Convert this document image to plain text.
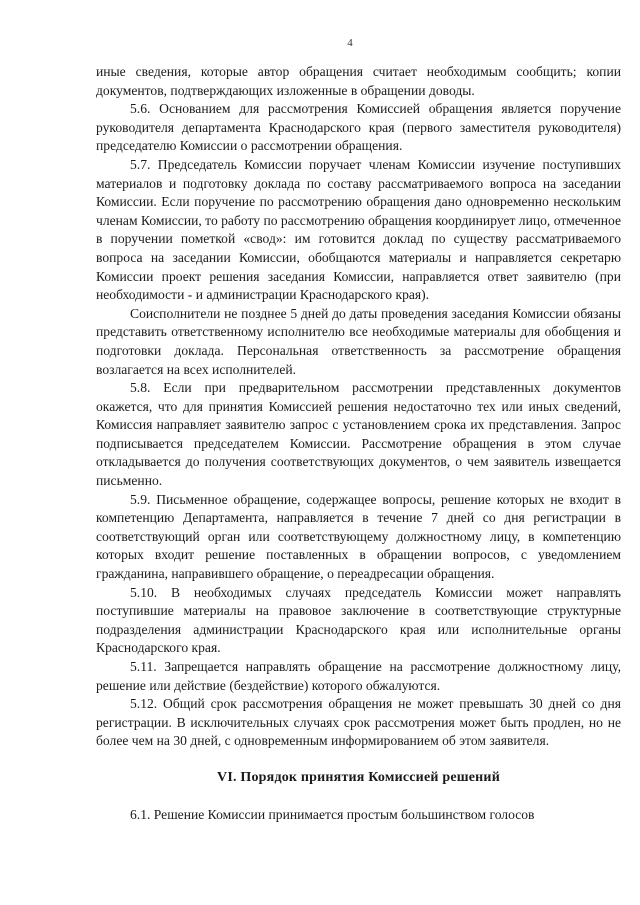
4

иные сведения, которые автор обращения считает необходимым сообщить; копии документов, подтверждающих изложенные в обращении доводы.

5.6. Основанием для рассмотрения Комиссией обращения является поручение руководителя департамента Краснодарского края (первого заместителя руководителя) председателю Комиссии о рассмотрении обращения.

5.7. Председатель Комиссии поручает членам Комиссии изучение поступивших материалов и подготовку доклада по составу рассматриваемого вопроса на заседании Комиссии. Если поручение по рассмотрению обращения дано одновременно нескольким членам Комиссии, то работу по рассмотрению обращения координирует лицо, отмеченное в поручении пометкой «свод»: им готовится доклад по существу рассматриваемого вопроса на заседании Комиссии, обобщаются материалы и направляется секретарю Комиссии проект решения заседания Комиссии, направляется ответ заявителю (при необходимости - и администрации Краснодарского края).

Соисполнители не позднее 5 дней до даты проведения заседания Комиссии обязаны представить ответственному исполнителю все необходимые материалы для обобщения и подготовки доклада. Персональная ответственность за рассмотрение обращения возлагается на всех исполнителей.

5.8. Если при предварительном рассмотрении представленных документов окажется, что для принятия Комиссией решения недостаточно тех или иных сведений, Комиссия направляет заявителю запрос с установлением срока их представления. Запрос подписывается председателем Комиссии. Рассмотрение обращения в этом случае откладывается до получения соответствующих документов, о чем заявитель извещается письменно.

5.9. Письменное обращение, содержащее вопросы, решение которых не входит в компетенцию Департамента, направляется в течение 7 дней со дня регистрации в соответствующий орган или соответствующему должностному лицу, в компетенцию которых входит решение поставленных в обращении вопросов, с уведомлением гражданина, направившего обращение, о переадресации обращения.

5.10. В необходимых случаях председатель Комиссии может направлять поступившие материалы на правовое заключение в соответствующие структурные подразделения администрации Краснодарского края или исполнительные органы Краснодарского края.

5.11. Запрещается направлять обращение на рассмотрение должностному лицу, решение или действие (бездействие) которого обжалуются.

5.12. Общий срок рассмотрения обращения не может превышать 30 дней со дня регистрации. В исключительных случаях срок рассмотрения может быть продлен, но не более чем на 30 дней, с одновременным информированием об этом заявителя.

VI. Порядок принятия Комиссией решений

6.1. Решение Комиссии принимается простым большинством голосов
